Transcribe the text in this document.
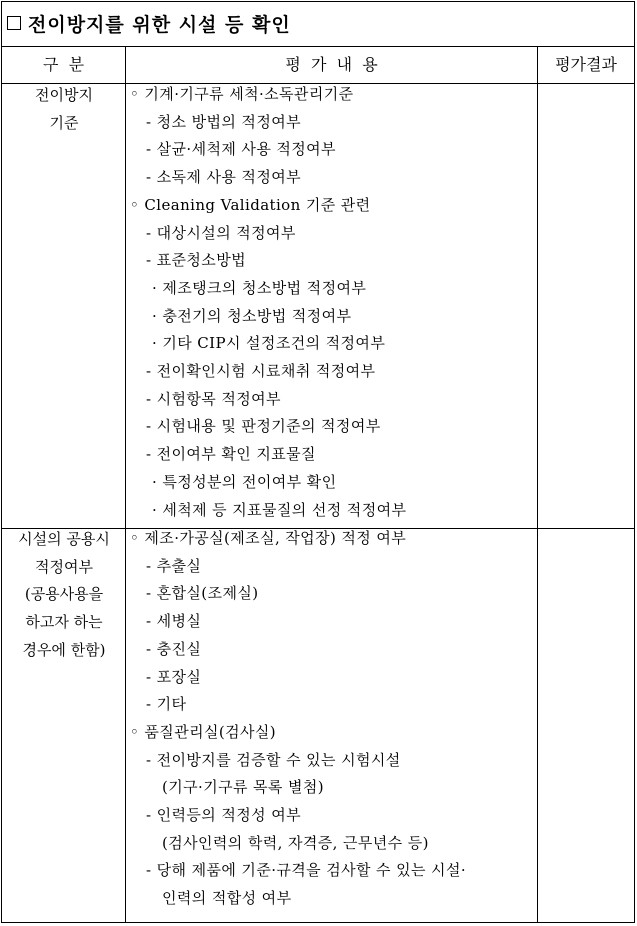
전이방지를 위한 시설 등 확인
구  분	평  가  내  용	평가결과
전이방지
기준
◦ 기계·기구류 세척·소독관리기준
- 청소 방법의 적정여부
- 살균·세척제 사용 적정여부
- 소독제 사용 적정여부
◦ Cleaning Validation 기준 관련
- 대상시설의 적정여부
- 표준청소방법
· 제조탱크의 청소방법 적정여부
· 충전기의 청소방법 적정여부
· 기타 CIP시 설정조건의 적정여부
- 전이확인시험 시료채취 적정여부
- 시험항목 적정여부
- 시험내용 및 판정기준의 적정여부
- 전이여부 확인 지표물질
· 특정성분의 전이여부 확인
· 세척제 등 지표물질의 선정 적정여부
시설의 공용시
적정여부
(공용사용을
하고자 하는
경우에 한함)
◦ 제조·가공실(제조실, 작업장) 적정 여부
- 추출실
- 혼합실(조제실)
- 세병실
- 충진실
- 포장실
- 기타
◦ 품질관리실(검사실)
- 전이방지를 검증할 수 있는 시험시설
(기구·기구류 목록 별첨)
- 인력등의 적정성 여부
(검사인력의 학력, 자격증, 근무년수 등)
- 당해 제품에 기준·규격을 검사할 수 있는 시설·
인력의 적합성 여부
